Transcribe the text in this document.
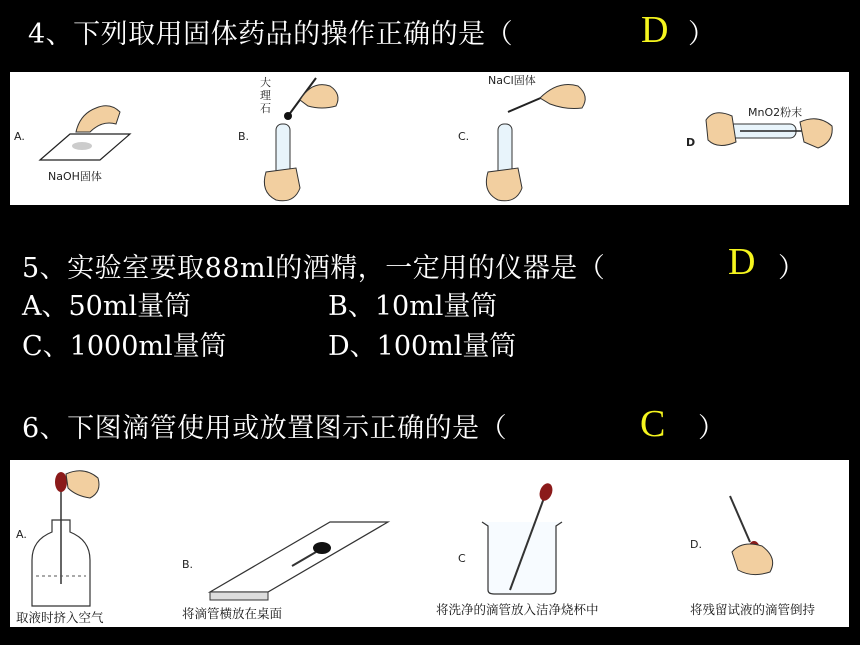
4、下列取用固体药品的操作正确的是（	D ）
A.
NaOH固体
B.
大
理
石
C.
NaCl固体
D
MnO2粉末
5、实验室要取88ml的酒精，一定用的仪器是（	D ）
A、50ml量筒	B、10ml量筒
C、1000ml量筒	D、100ml量筒
6、下图滴管使用或放置图示正确的是（	C ）
A.
取液时挤入空气
B.
将滴管横放在桌面
C
将洗净的滴管放入洁净烧杯中
D.
将残留试液的滴管倒持
